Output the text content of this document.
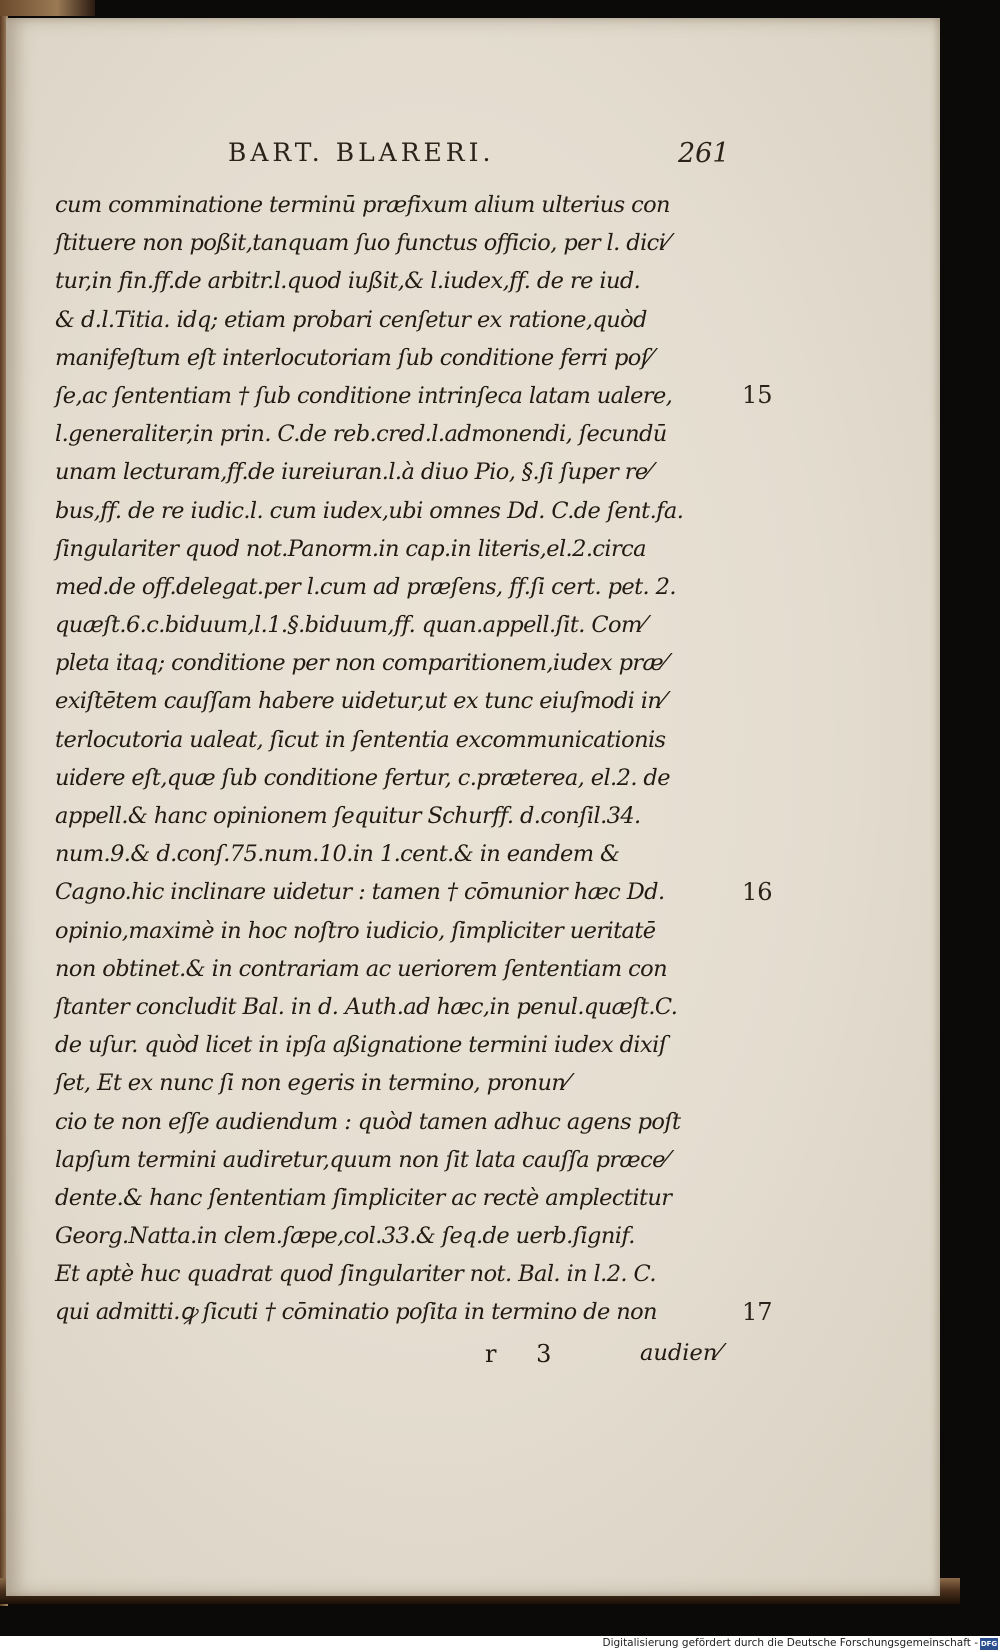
BART. BLARERI.	261
cum comminatione terminū præfixum alium ulterius con
ſtituere non poßit,tanquam ſuo functus officio, per l. dici⁄
tur,in fin.ff.de arbitr.l.quod iußit,& l.iudex,ff. de re iud.
& d.l.Titia. idq; etiam probari cenſetur ex ratione,quòd
manifeſtum eſt interlocutoriam ſub conditione ferri poſ⁄
ſe,ac ſententiam † ſub conditione intrinſeca latam ualere,
l.generaliter,in prin. C.de reb.cred.l.admonendi, ſecundū
unam lecturam,ff.de iureiuran.l.à diuo Pio, §.ſi ſuper re⁄
bus,ff. de re iudic.l. cum iudex,ubi omnes Dd. C.de ſent.fa.
ſingulariter quod not.Panorm.in cap.in literis,el.2.circa
med.de off.delegat.per l.cum ad præſens, ff.ſi cert. pet. 2.
quæſt.6.c.biduum,l.1.§.biduum,ff. quan.appell.ſit. Com⁄
pleta itaq; conditione per non comparitionem,iudex præ⁄
exiſtētem cauſſam habere uidetur,ut ex tunc eiuſmodi in⁄
terlocutoria ualeat, ſicut in ſententia excommunicationis
uidere eſt,quæ ſub conditione fertur, c.præterea, el.2. de
appell.& hanc opinionem ſequitur Schurff. d.conſil.34.
num.9.& d.conſ.75.num.10.in 1.cent.& in eandem &
Cagno.hic inclinare uidetur : tamen † cōmunior hæc Dd.
opinio,maximè in hoc noſtro iudicio, ſimpliciter ueritatē
non obtinet.& in contrariam ac ueriorem ſententiam con
ſtanter concludit Bal. in d. Auth.ad hæc,in penul.quæſt.C.
de uſur. quòd licet in ipſa aßignatione termini iudex dixiſ
ſet, Et ex nunc ſi non egeris in termino, pronun⁄
cio te non eſſe audiendum : quòd tamen adhuc agens poſt
lapſum termini audiretur,quum non ſit lata cauſſa præce⁄
dente.& hanc ſententiam ſimpliciter ac rectè amplectitur
Georg.Natta.in clem.ſæpe,col.33.& ſeq.de uerb.ſignif.
Et aptè huc quadrat quod ſingulariter not. Bal. in l.2. C.
qui admitti.ꝙ ſicuti † cōminatio poſita in termino de non
15
16
17
r 3	audien⁄
Digitalisierung gefördert durch die Deutsche Forschungsgemeinschaft - DFG
